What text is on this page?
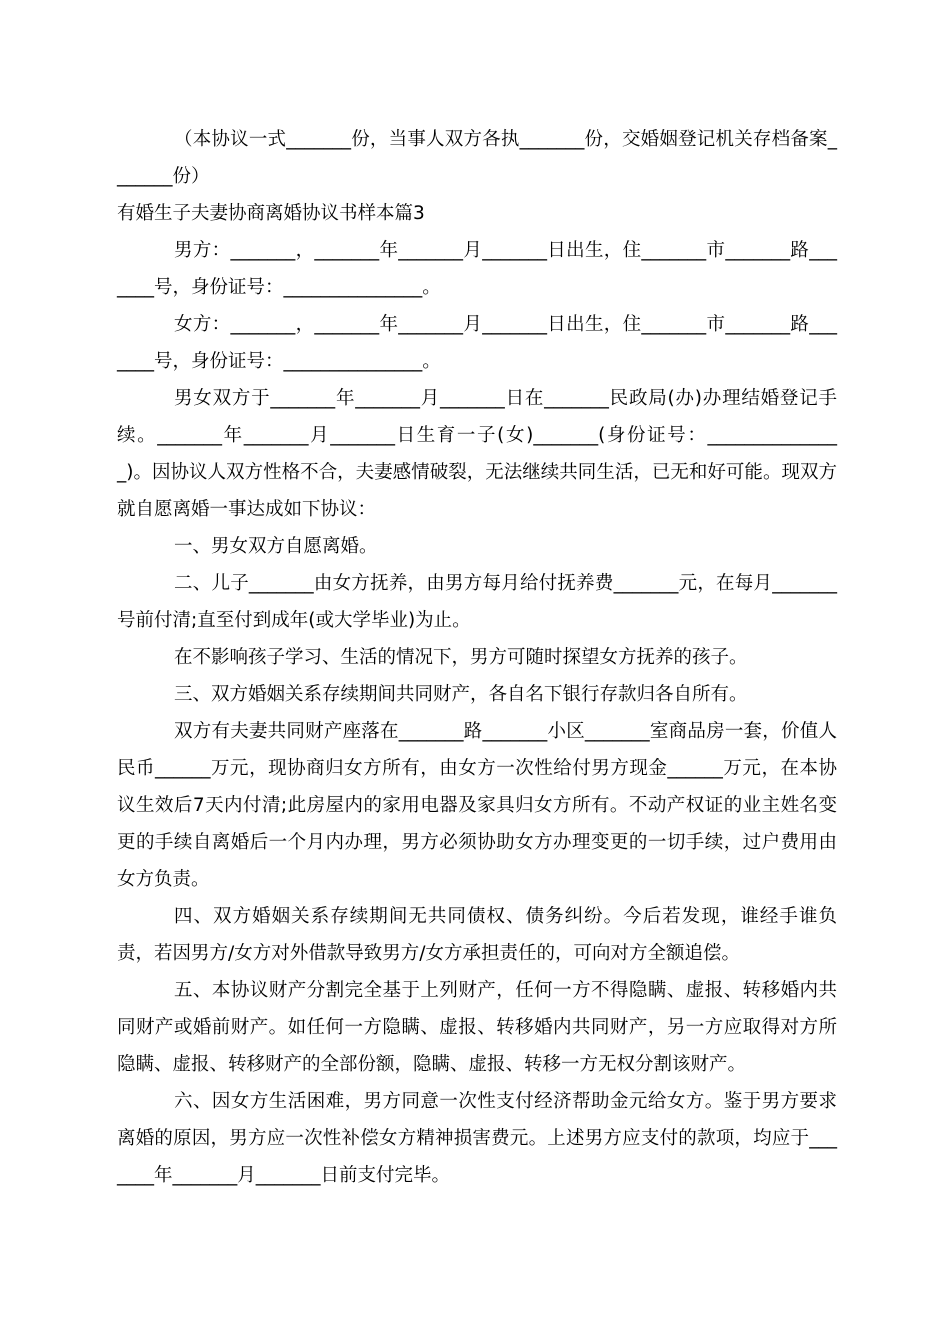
（本协议一式_______份，当事人双方各执_______份，交婚姻登记机关存档备案_______份）

有婚生子夫妻协商离婚协议书样本篇3

男方：_______，_______年_______月_______日出生，住_______市_______路_______号，身份证号：_______________。

女方：_______，_______年_______月_______日出生，住_______市_______路_______号，身份证号：_______________。

男女双方于_______年_______月_______日在_______民政局(办)办理结婚登记手续。_______年_______月_______日生育一子(女)_______(身份证号：_______________)。因协议人双方性格不合，夫妻感情破裂，无法继续共同生活，已无和好可能。现双方就自愿离婚一事达成如下协议：

一、男女双方自愿离婚。

二、儿子_______由女方抚养，由男方每月给付抚养费_______元，在每月_______号前付清;直至付到成年(或大学毕业)为止。

在不影响孩子学习、生活的情况下，男方可随时探望女方抚养的孩子。

三、双方婚姻关系存续期间共同财产，各自名下银行存款归各自所有。

双方有夫妻共同财产座落在_______路_______小区_______室商品房一套，价值人民币______万元，现协商归女方所有，由女方一次性给付男方现金______万元，在本协议生效后7天内付清;此房屋内的家用电器及家具归女方所有。不动产权证的业主姓名变更的手续自离婚后一个月内办理，男方必须协助女方办理变更的一切手续，过户费用由女方负责。

四、双方婚姻关系存续期间无共同债权、债务纠纷。今后若发现，谁经手谁负责，若因男方/女方对外借款导致男方/女方承担责任的，可向对方全额追偿。

五、本协议财产分割完全基于上列财产，任何一方不得隐瞒、虚报、转移婚内共同财产或婚前财产。如任何一方隐瞒、虚报、转移婚内共同财产，另一方应取得对方所隐瞒、虚报、转移财产的全部份额，隐瞒、虚报、转移一方无权分割该财产。

六、因女方生活困难，男方同意一次性支付经济帮助金元给女方。鉴于男方要求离婚的原因，男方应一次性补偿女方精神损害费元。上述男方应支付的款项，均应于_______年_______月_______日前支付完毕。
